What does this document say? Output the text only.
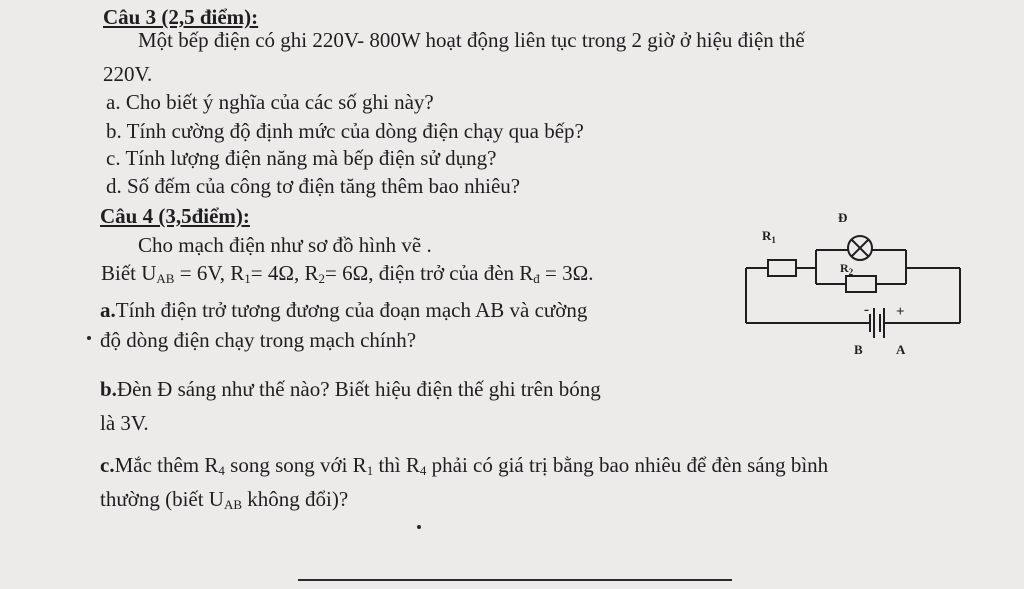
Câu 3 (2,5 điểm):
Một bếp điện có ghi 220V- 800W hoạt động liên tục trong 2 giờ ở hiệu điện thế
220V.
a. Cho biết ý nghĩa của các số ghi này?
b. Tính cường độ định mức của dòng điện chạy qua bếp?
c. Tính lượng điện năng mà bếp điện sử dụng?
d. Số đếm của công tơ điện tăng thêm bao nhiêu?
Câu 4 (3,5điểm):
Cho mạch điện như sơ đồ hình vẽ .
Biết $U_{AB} = 6V$, $R_1= 4\Omega$, $R_2= 6\Omega$, điện trở của đèn $R_đ = 3\Omega$.
a.Tính điện trở tương đương của đoạn mạch AB và cường
độ dòng điện chạy trong mạch chính?
b.Đèn Đ sáng như thế nào? Biết hiệu điện thế ghi trên bóng
là 3V.
c.Mắc thêm $R_4$ song song với $R_1$ thì $R_4$ phải có giá trị bằng bao nhiêu để đèn sáng bình
thường (biết $U_{AB}$ không đổi)?
Đ
$R_1$
$R_2$
+
-
B	A
